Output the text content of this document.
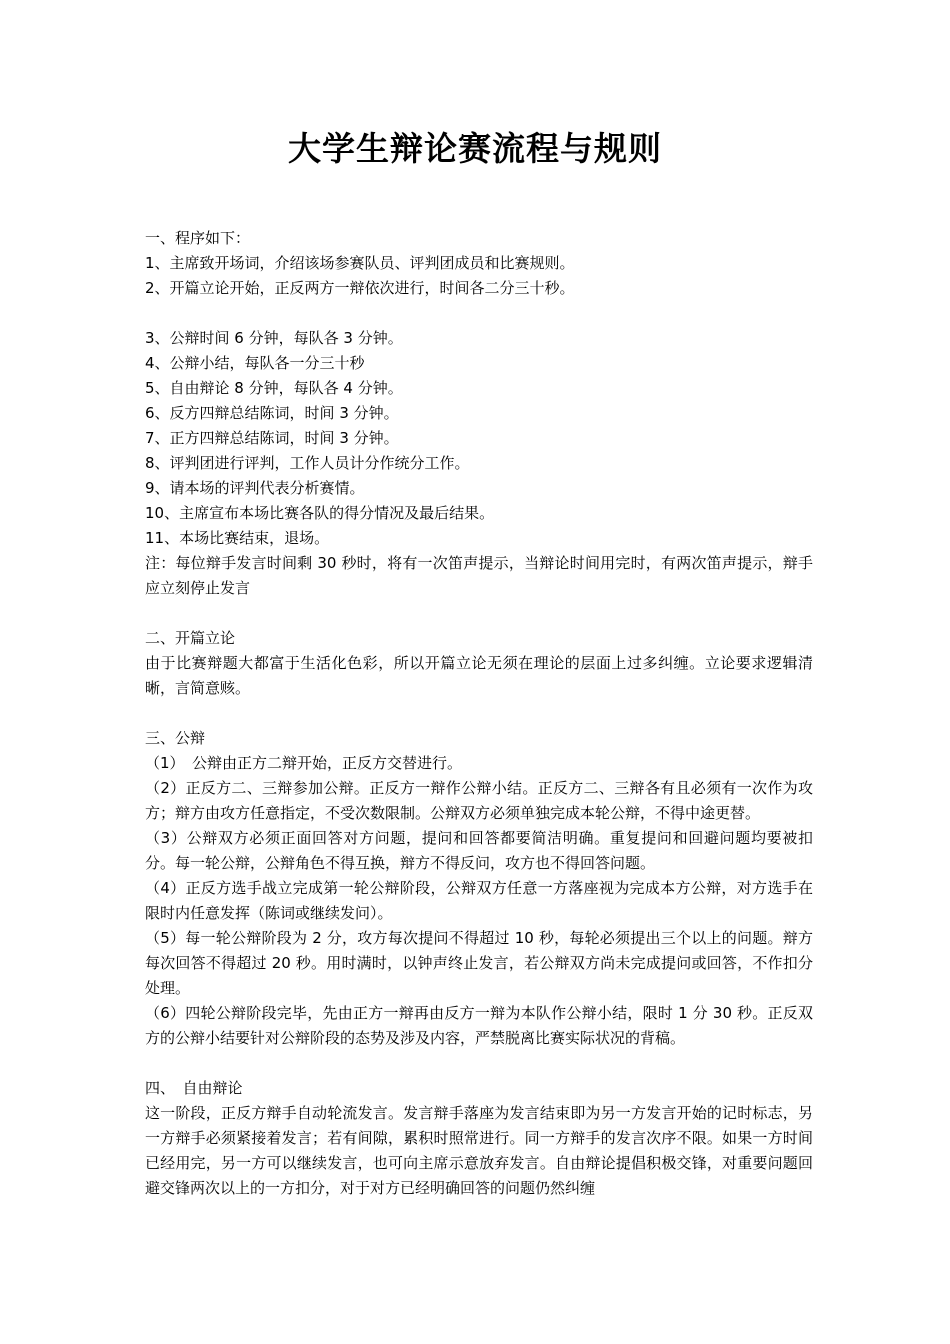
大学生辩论赛流程与规则
一、程序如下：
1、主席致开场词，介绍该场参赛队员、评判团成员和比赛规则。
2、开篇立论开始，正反两方一辩依次进行，时间各二分三十秒。
3、公辩时间 6 分钟，每队各 3 分钟。
4、公辩小结，每队各一分三十秒
5、自由辩论 8 分钟，每队各 4 分钟。
6、反方四辩总结陈词，时间 3 分钟。
7、正方四辩总结陈词，时间 3 分钟。
8、评判团进行评判，工作人员计分作统分工作。
9、请本场的评判代表分析赛情。
10、主席宣布本场比赛各队的得分情况及最后结果。
11、本场比赛结束，退场。
注：每位辩手发言时间剩 30 秒时，将有一次笛声提示，当辩论时间用完时，有两次笛声提示，辩手应立刻停止发言
二、开篇立论
由于比赛辩题大都富于生活化色彩，所以开篇立论无须在理论的层面上过多纠缠。立论要求逻辑清晰，言简意赅。
三、公辩
（1）　公辩由正方二辩开始，正反方交替进行。
（2）正反方二、三辩参加公辩。正反方一辩作公辩小结。正反方二、三辩各有且必须有一次作为攻方；辩方由攻方任意指定，不受次数限制。公辩双方必须单独完成本轮公辩，不得中途更替。
（3）公辩双方必须正面回答对方问题，提问和回答都要简洁明确。重复提问和回避问题均要被扣分。每一轮公辩，公辩角色不得互换，辩方不得反问，攻方也不得回答问题。
（4）正反方选手战立完成第一轮公辩阶段，公辩双方任意一方落座视为完成本方公辩，对方选手在限时内任意发挥（陈词或继续发问）。
（5）每一轮公辩阶段为 2 分，攻方每次提问不得超过 10 秒，每轮必须提出三个以上的问题。辩方每次回答不得超过 20 秒。用时满时，以钟声终止发言，若公辩双方尚未完成提问或回答，不作扣分处理。
（6）四轮公辩阶段完毕，先由正方一辩再由反方一辩为本队作公辩小结，限时 1 分 30 秒。正反双方的公辩小结要针对公辩阶段的态势及涉及内容，严禁脱离比赛实际状况的背稿。
四、　自由辩论
这一阶段，正反方辩手自动轮流发言。发言辩手落座为发言结束即为另一方发言开始的记时标志，另一方辩手必须紧接着发言；若有间隙，累积时照常进行。同一方辩手的发言次序不限。如果一方时间已经用完，另一方可以继续发言，也可向主席示意放弃发言。自由辩论提倡积极交锋，对重要问题回避交锋两次以上的一方扣分，对于对方已经明确回答的问题仍然纠缠
